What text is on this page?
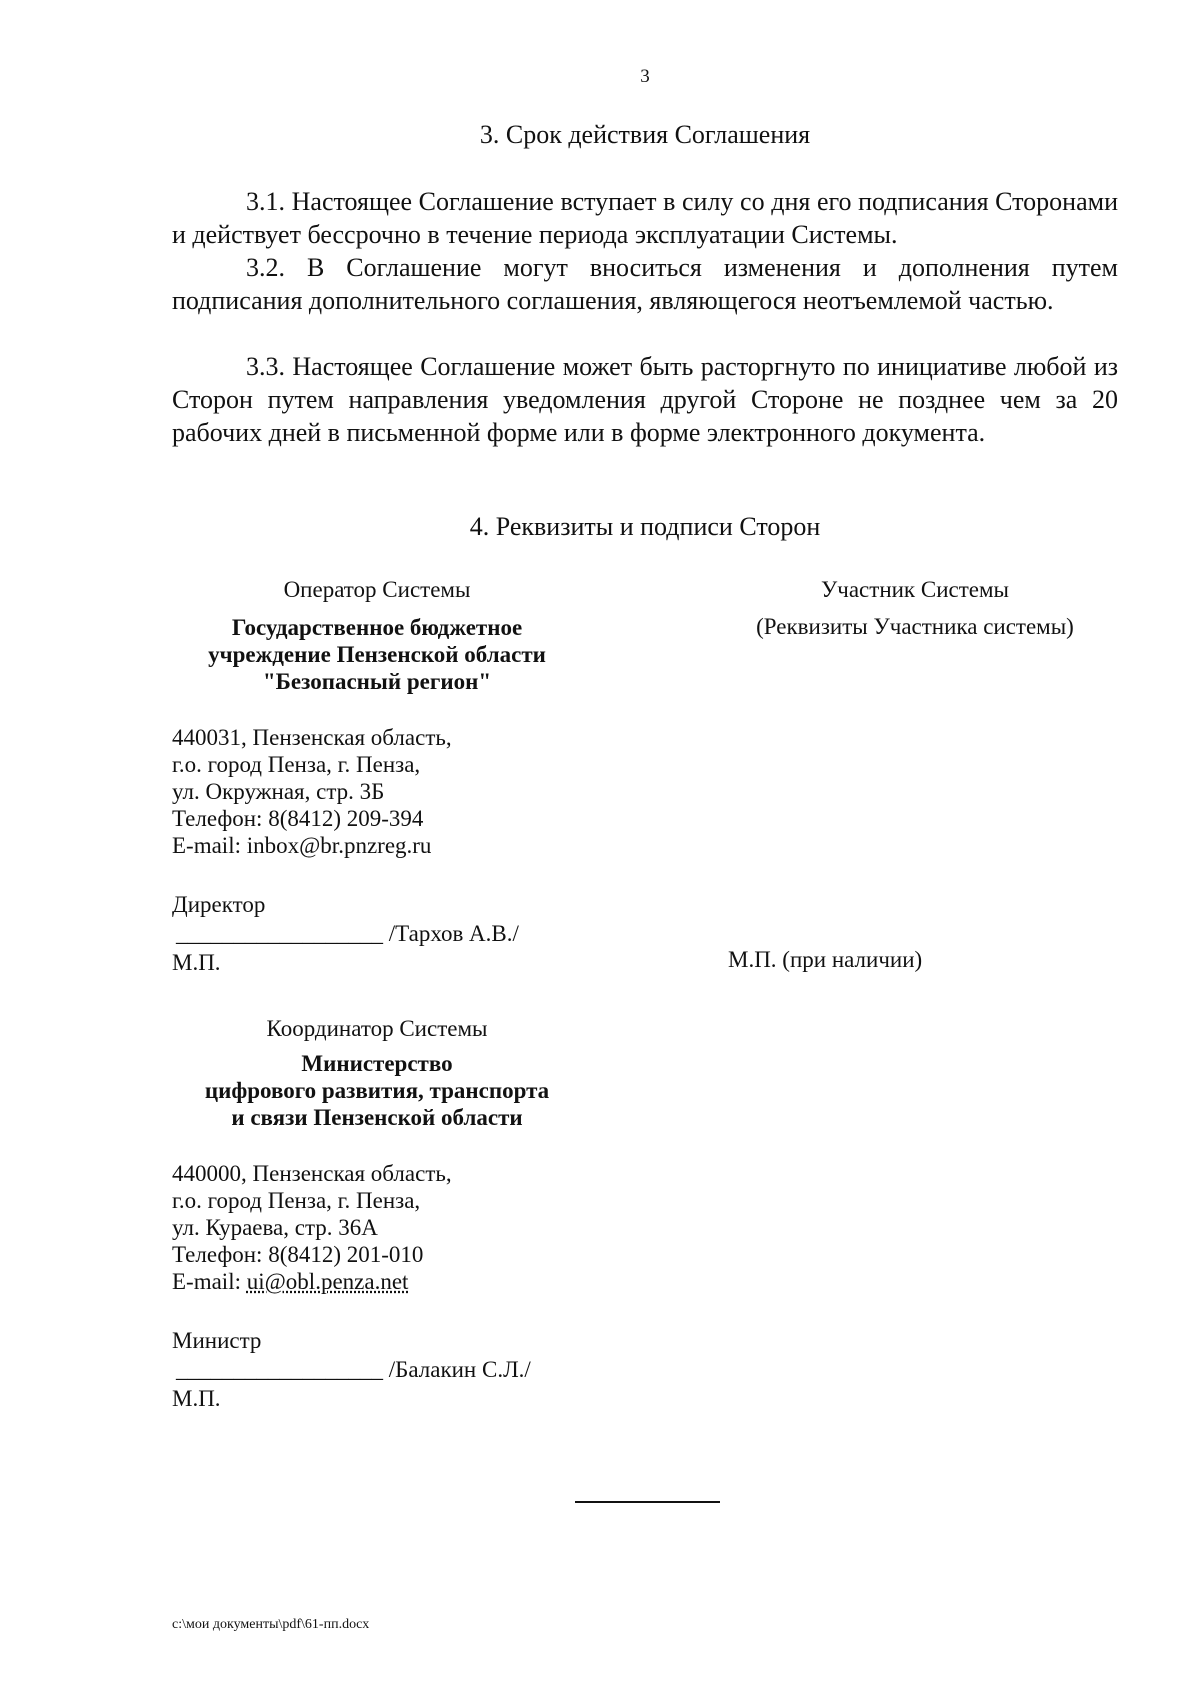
3
3. Срок действия Соглашения
3.1. Настоящее Соглашение вступает в силу со дня его подписания Сторонами и действует бессрочно в течение периода эксплуатации Системы.
3.2. В Соглашение могут вноситься изменения и дополнения путем подписания дополнительного соглашения, являющегося неотъемлемой частью.
3.3. Настоящее Соглашение может быть расторгнуто по инициативе любой из Сторон путем направления уведомления другой Стороне не позднее чем за 20 рабочих дней в письменной форме или в форме электронного документа.
4. Реквизиты и подписи Сторон
Оператор Системы
Государственное бюджетное
учреждение Пензенской области
"Безопасный регион"
440031, Пензенская область,
г.о. город Пенза, г. Пенза,
ул. Окружная, стр. 3Б
Телефон: 8(8412) 209-394
E-mail: inbox@br.pnzreg.ru
Директор
__________________ /Тархов А.В./
М.П.
Участник Системы
(Реквизиты Участника системы)
М.П. (при наличии)
Координатор Системы
Министерство
цифрового развития, транспорта
и связи Пензенской области
440000, Пензенская область,
г.о. город Пенза, г. Пенза,
ул. Кураева, стр. 36А
Телефон: 8(8412) 201-010
E-mail: ui@obl.penza.net
Министр
__________________ /Балакин С.Л./
М.П.
c:\мои документы\pdf\61-пп.docx
